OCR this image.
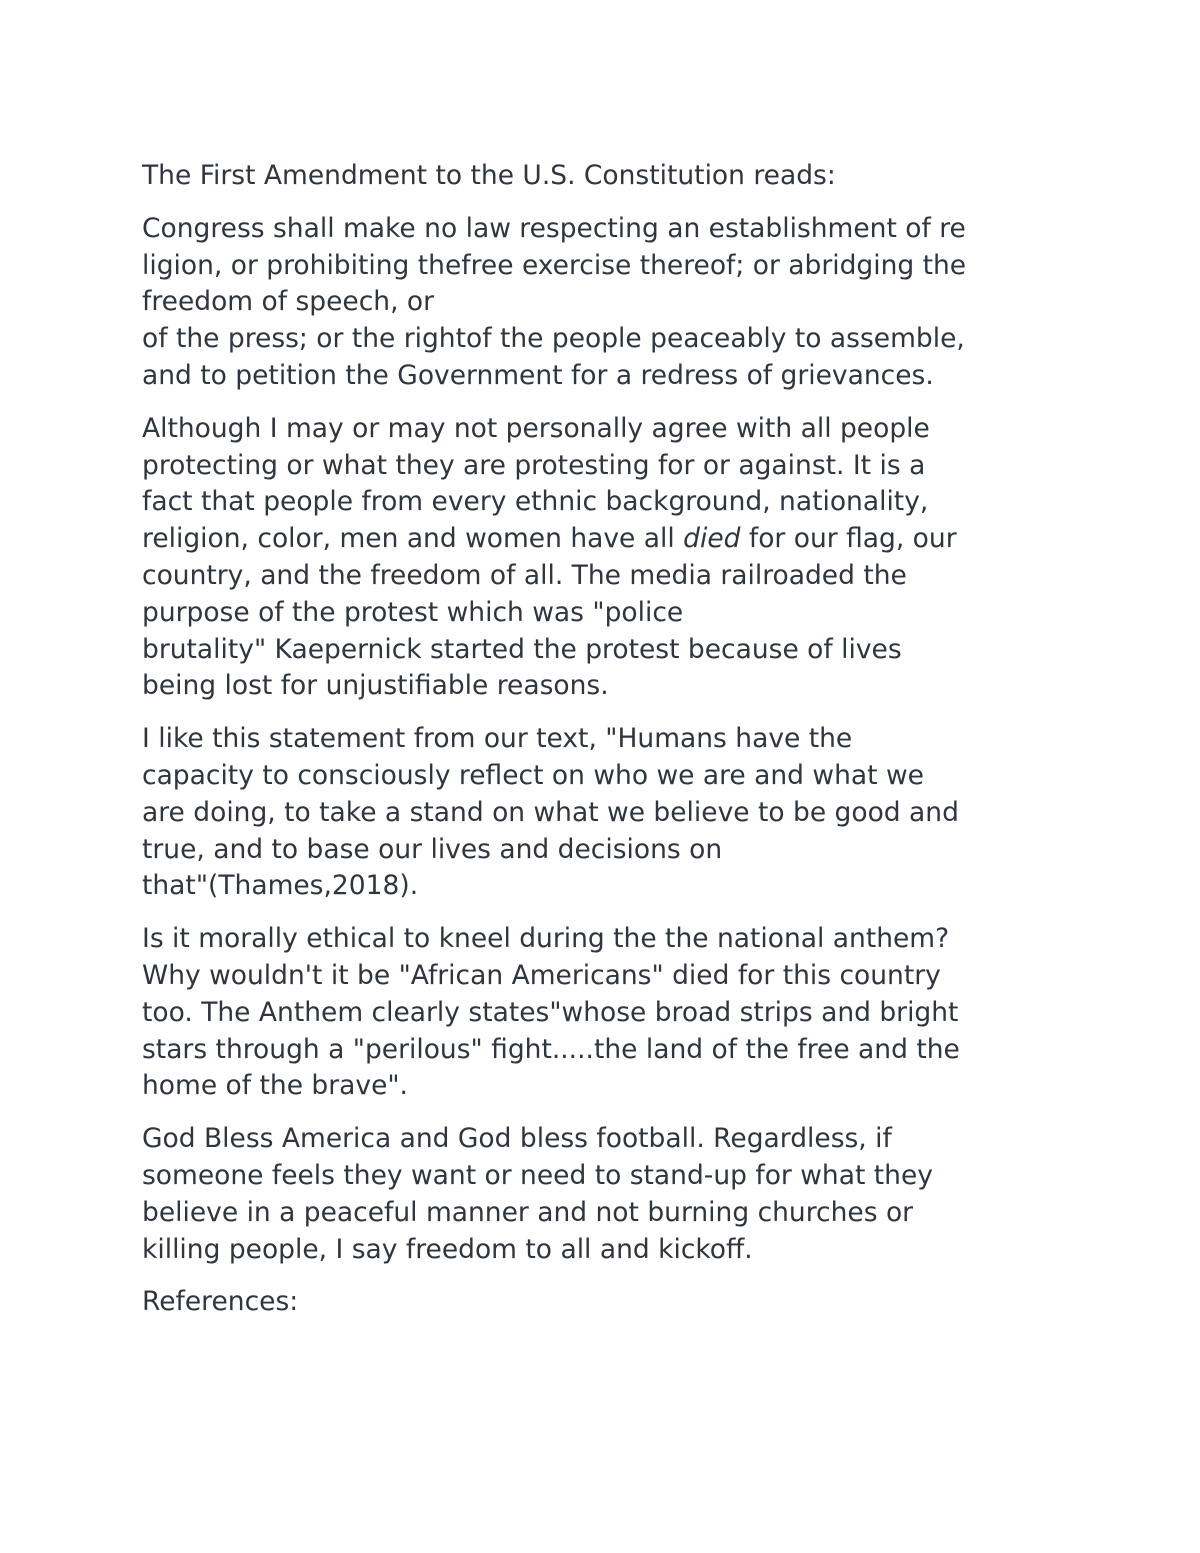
The First Amendment to the U.S. Constitution reads:

Congress shall make no law respecting an establishment of re
ligion, or prohibiting thefree exercise thereof; or abridging the
freedom of speech, or
of the press; or the rightof the people peaceably to assemble,
and to petition the Government for a redress of grievances.

Although I may or may not personally agree with all people
protecting or what they are protesting for or against. It is a
fact that people from every ethnic background, nationality,
religion, color, men and women have all died for our flag, our
country, and the freedom of all. The media railroaded the
purpose of the protest which was "police
brutality" Kaepernick started the protest because of lives
being lost for unjustifiable reasons.

I like this statement from our text, "Humans have the
capacity to consciously reflect on who we are and what we
are doing, to take a stand on what we believe to be good and
true, and to base our lives and decisions on
that"(Thames,2018).

Is it morally ethical to kneel during the the national anthem?
Why wouldn't it be "African Americans" died for this country
too. The Anthem clearly states"whose broad strips and bright
stars through a "perilous" fight.....the land of the free and the
home of the brave".

God Bless America and God bless football. Regardless, if
someone feels they want or need to stand-up for what they
believe in a peaceful manner and not burning churches or
killing people, I say freedom to all and kickoff.

References:
